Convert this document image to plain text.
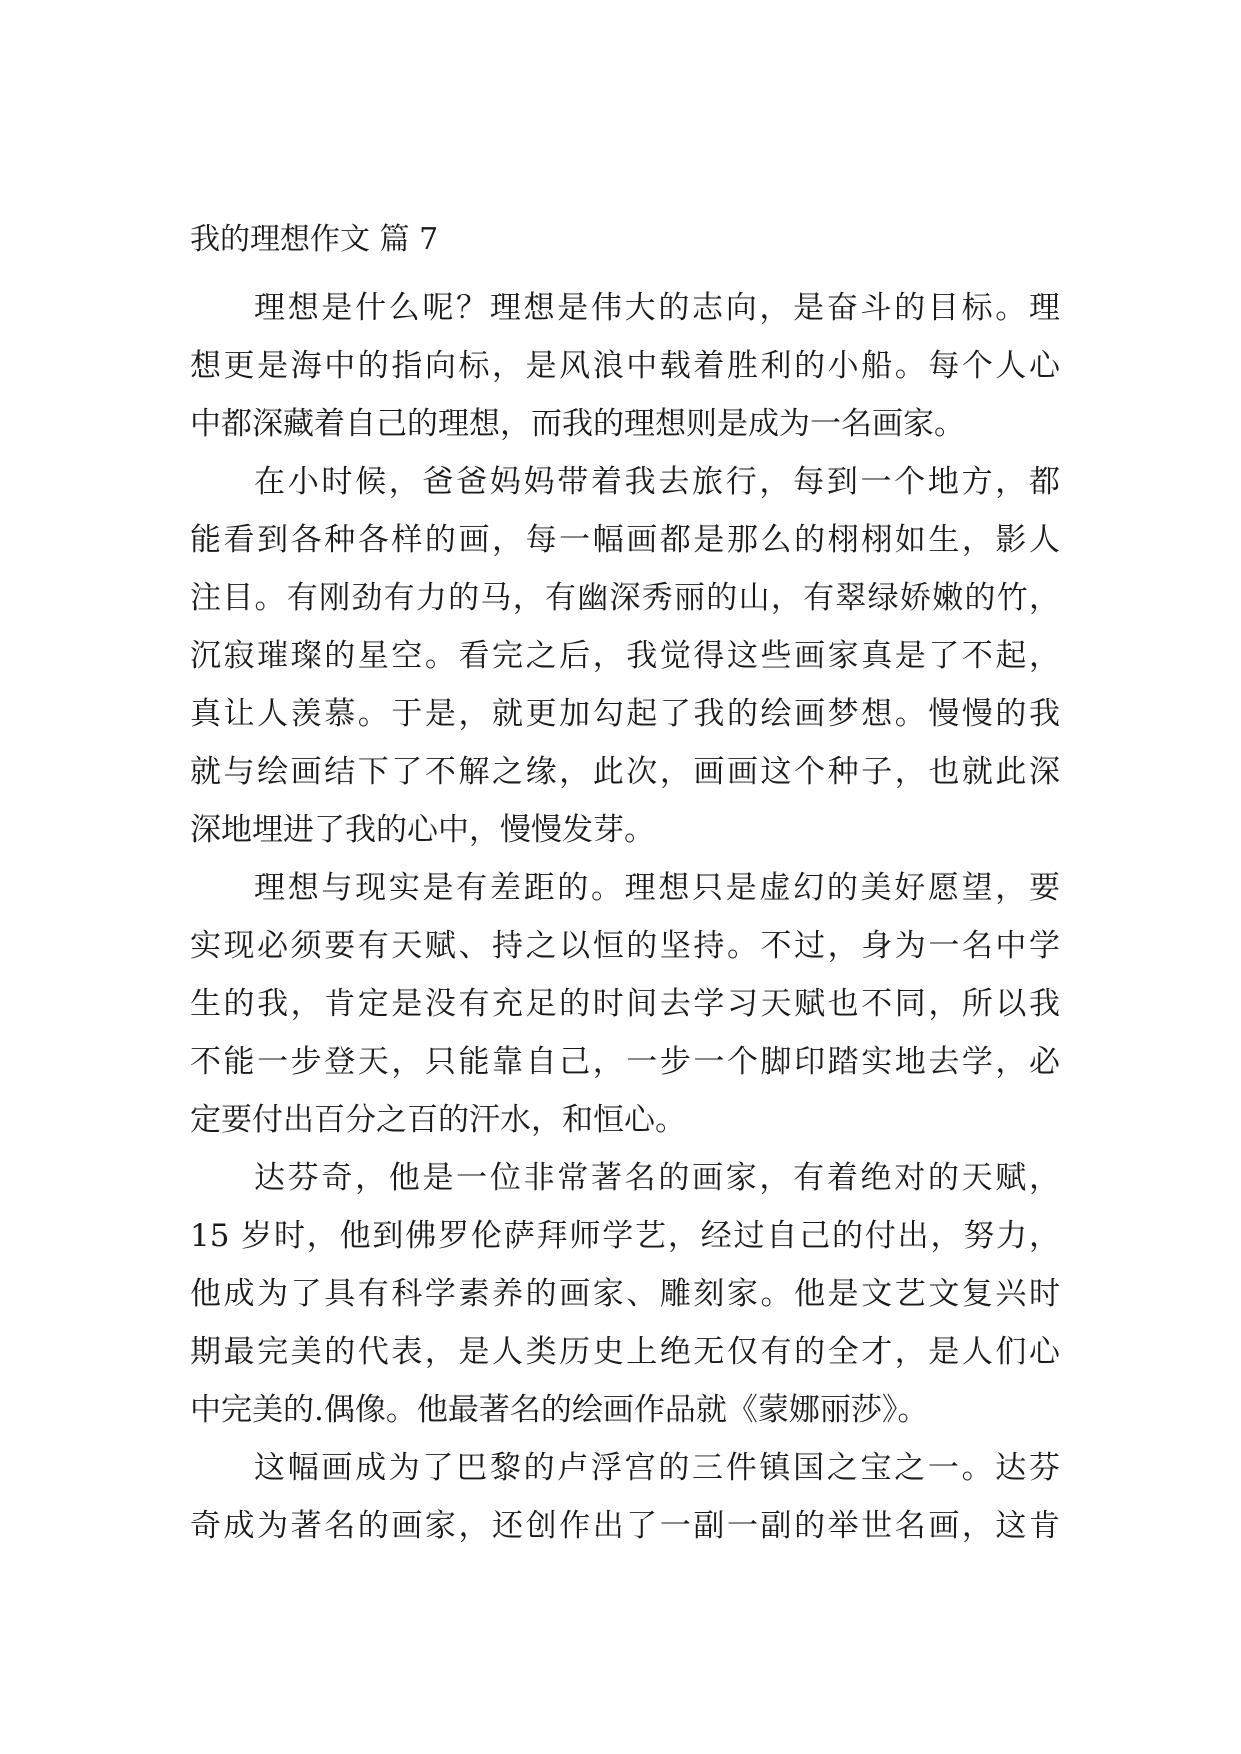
我的理想作文 篇 7
理想是什么呢？理想是伟大的志向，是奋斗的目标。理
想更是海中的指向标，是风浪中载着胜利的小船。每个人心
中都深藏着自己的理想，而我的理想则是成为一名画家。
在小时候，爸爸妈妈带着我去旅行，每到一个地方，都
能看到各种各样的画，每一幅画都是那么的栩栩如生，影人
注目。有刚劲有力的马，有幽深秀丽的山，有翠绿娇嫩的竹，
沉寂璀璨的星空。看完之后，我觉得这些画家真是了不起，
真让人羡慕。于是，就更加勾起了我的绘画梦想。慢慢的我
就与绘画结下了不解之缘，此次，画画这个种子，也就此深
深地埋进了我的心中，慢慢发芽。
理想与现实是有差距的。理想只是虚幻的美好愿望，要
实现必须要有天赋、持之以恒的坚持。不过，身为一名中学
生的我，肯定是没有充足的时间去学习天赋也不同，所以我
不能一步登天，只能靠自己，一步一个脚印踏实地去学，必
定要付出百分之百的汗水，和恒心。
达芬奇，他是一位非常著名的画家，有着绝对的天赋，
15 岁时，他到佛罗伦萨拜师学艺，经过自己的付出，努力，
他成为了具有科学素养的画家、雕刻家。他是文艺文复兴时
期最完美的代表，是人类历史上绝无仅有的全才，是人们心
中完美的.偶像。他最著名的绘画作品就《蒙娜丽莎》。
这幅画成为了巴黎的卢浮宫的三件镇国之宝之一。达芬
奇成为著名的画家，还创作出了一副一副的举世名画，这肯
